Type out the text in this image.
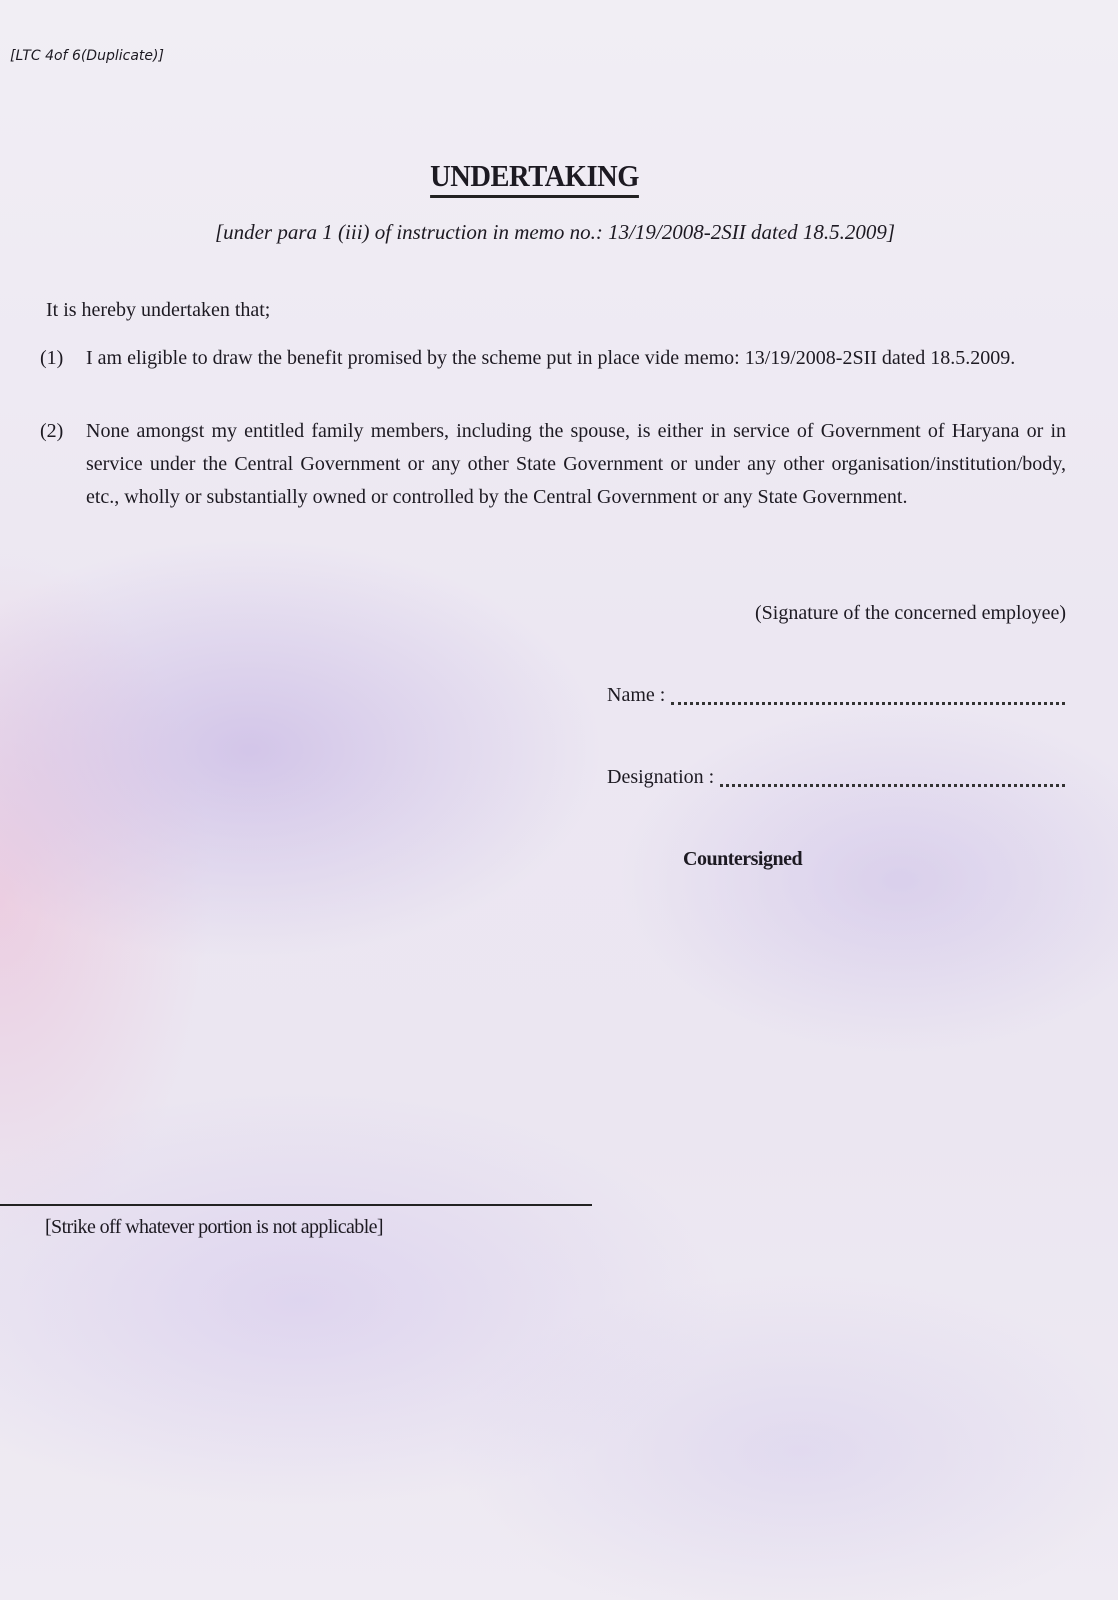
[LTC 4of 6(Duplicate)]
UNDERTAKING
[under para 1 (iii) of instruction in memo no.: 13/19/2008-2SII dated 18.5.2009]
It is hereby undertaken that;
(1)	I am eligible to draw the benefit promised by the scheme put in place vide memo: 13/19/2008-2SII dated 18.5.2009.
(2)	None amongst my entitled family members, including the spouse, is either in service of Government of Haryana or in service under the Central Government or any other State Government or under any other organisation/institution/body, etc., wholly or substantially owned or controlled by the Central Government or any State Government.
(Signature of the concerned employee)
Name :
Designation :
Countersigned
[Strike off whatever portion is not applicable]
